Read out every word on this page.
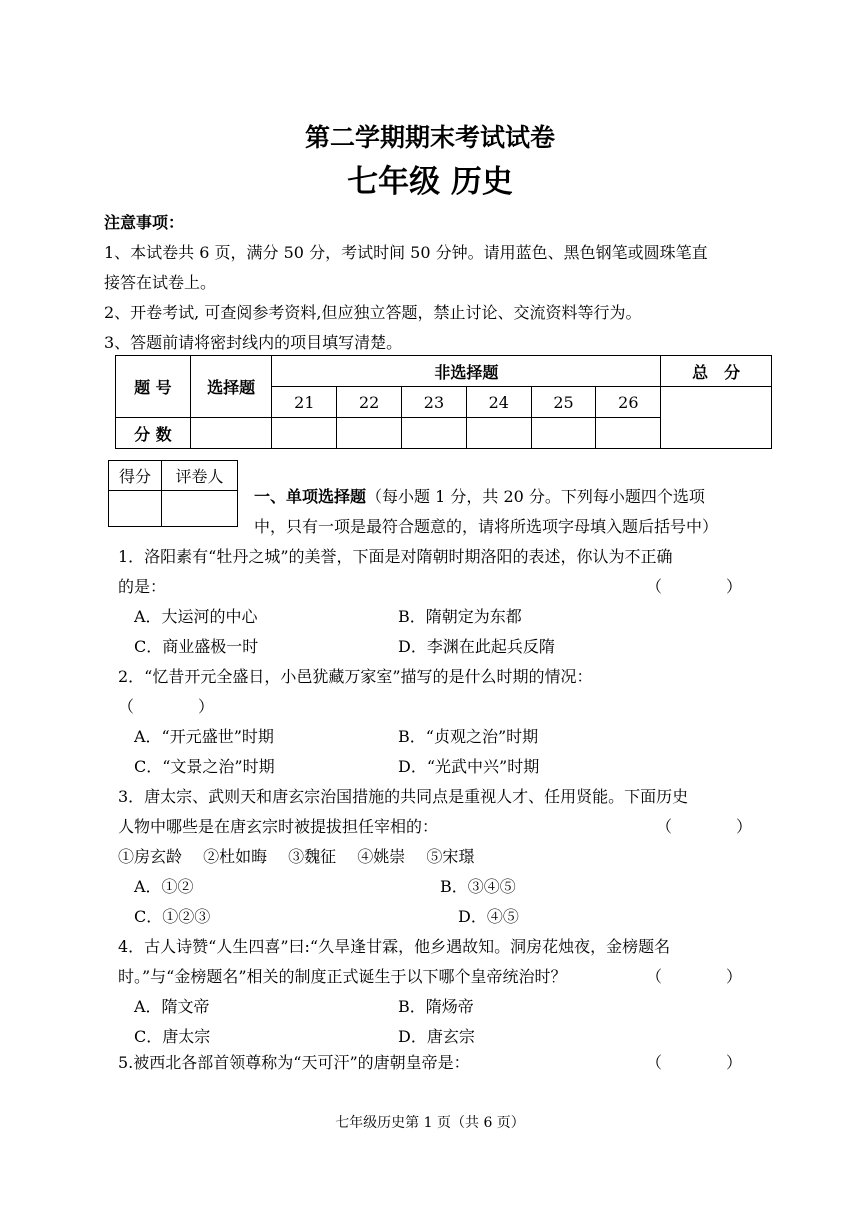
第二学期期末考试试卷
七年级 历史
注意事项：
1、本试卷共 6 页，满分 50 分，考试时间 50 分钟。请用蓝色、黑色钢笔或圆珠笔直
接答在试卷上。
2、开卷考试, 可查阅参考资料,但应独立答题，禁止讨论、交流资料等行为。
3、答题前请将密封线内的项目填写清楚。
题 号	选择题	非选择题						总　分
		21	22	23	24	25	26	
分 数								
得分	评卷人

一、单项选择题（每小题 1 分，共 20 分。下列每小题四个选项
中，只有一项是最符合题意的，请将所选项字母填入题后括号中）
1．洛阳素有“牡丹之城”的美誉，下面是对隋朝时期洛阳的表述，你认为不正确
的是：	（　　　　）
A．大运河的中心	B．隋朝定为东都
C．商业盛极一时	D．李渊在此起兵反隋
2．“忆昔开元全盛日，小邑犹藏万家室”描写的是什么时期的情况：
（　　　　）
A．“开元盛世”时期	B．“贞观之治”时期
C．“文景之治”时期	D．“光武中兴”时期
3．唐太宗、武则天和唐玄宗治国措施的共同点是重视人才、任用贤能。下面历史
人物中哪些是在唐玄宗时被提拔担任宰相的：	（　　　　）
①房玄龄　 ②杜如晦　 ③魏征　 ④姚崇　 ⑤宋璟
A．①②	B．③④⑤
C．①②③	D．④⑤
4．古人诗赞“人生四喜”曰:“久旱逢甘霖，他乡遇故知。洞房花烛夜，金榜题名
时。”与“金榜题名”相关的制度正式诞生于以下哪个皇帝统治时？	（　　　　）
A．隋文帝	B．隋炀帝
C．唐太宗	D．唐玄宗
5.被西北各部首领尊称为“天可汗”的唐朝皇帝是：	（　　　　）
七年级历史第 1 页（共 6 页）
